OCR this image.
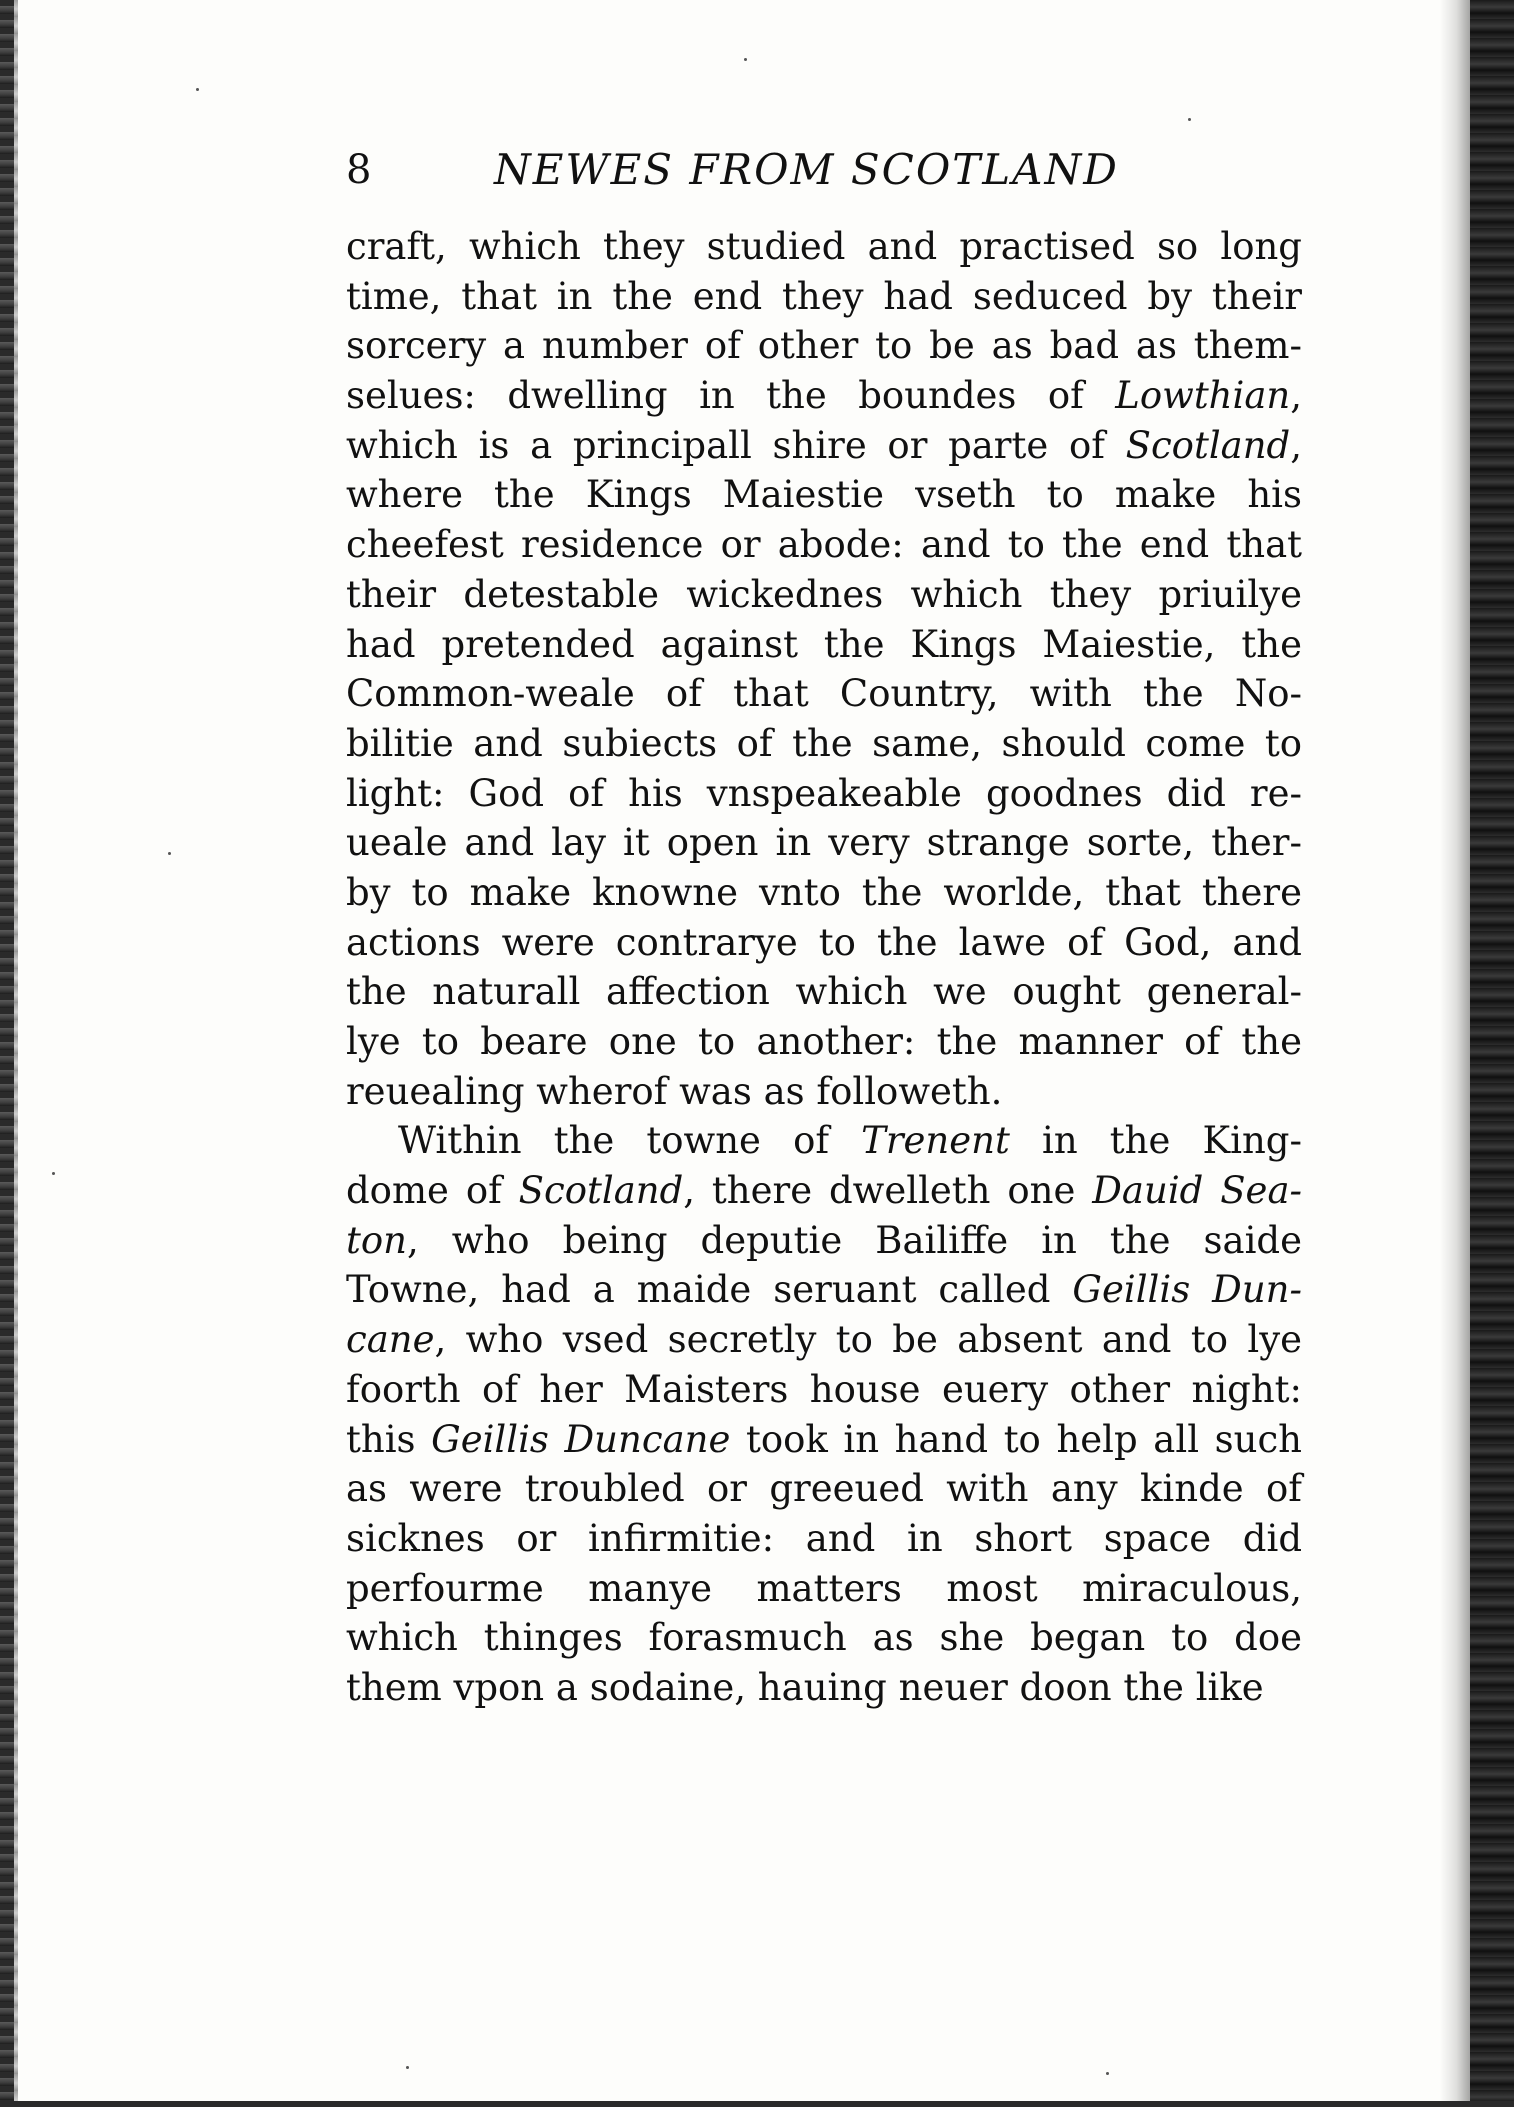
8	NEWES FROM SCOTLAND
craft, which they studied and practised so long
time, that in the end they had seduced by their
sorcery a number of other to be as bad as them-
selues: dwelling in the boundes of Lowthian,
which is a principall shire or parte of Scotland,
where the Kings Maiestie vseth to make his
cheefest residence or abode: and to the end that
their detestable wickednes which they priuilye
had pretended against the Kings Maiestie, the
Common-weale of that Country, with the No-
bilitie and subiects of the same, should come to
light: God of his vnspeakeable goodnes did re-
ueale and lay it open in very strange sorte, ther-
by to make knowne vnto the worlde, that there
actions were contrarye to the lawe of God, and
the naturall affection which we ought general-
lye to beare one to another: the manner of the
reuealing wherof was as followeth.
Within the towne of Trenent in the King-
dome of Scotland, there dwelleth one Dauid Sea-
ton, who being deputie Bailiffe in the saide
Towne, had a maide seruant called Geillis Dun-
cane, who vsed secretly to be absent and to lye
foorth of her Maisters house euery other night:
this Geillis Duncane took in hand to help all such
as were troubled or greeued with any kinde of
sicknes or infirmitie: and in short space did
perfourme manye matters most miraculous,
which thinges forasmuch as she began to doe
them vpon a sodaine, hauing neuer doon the like
